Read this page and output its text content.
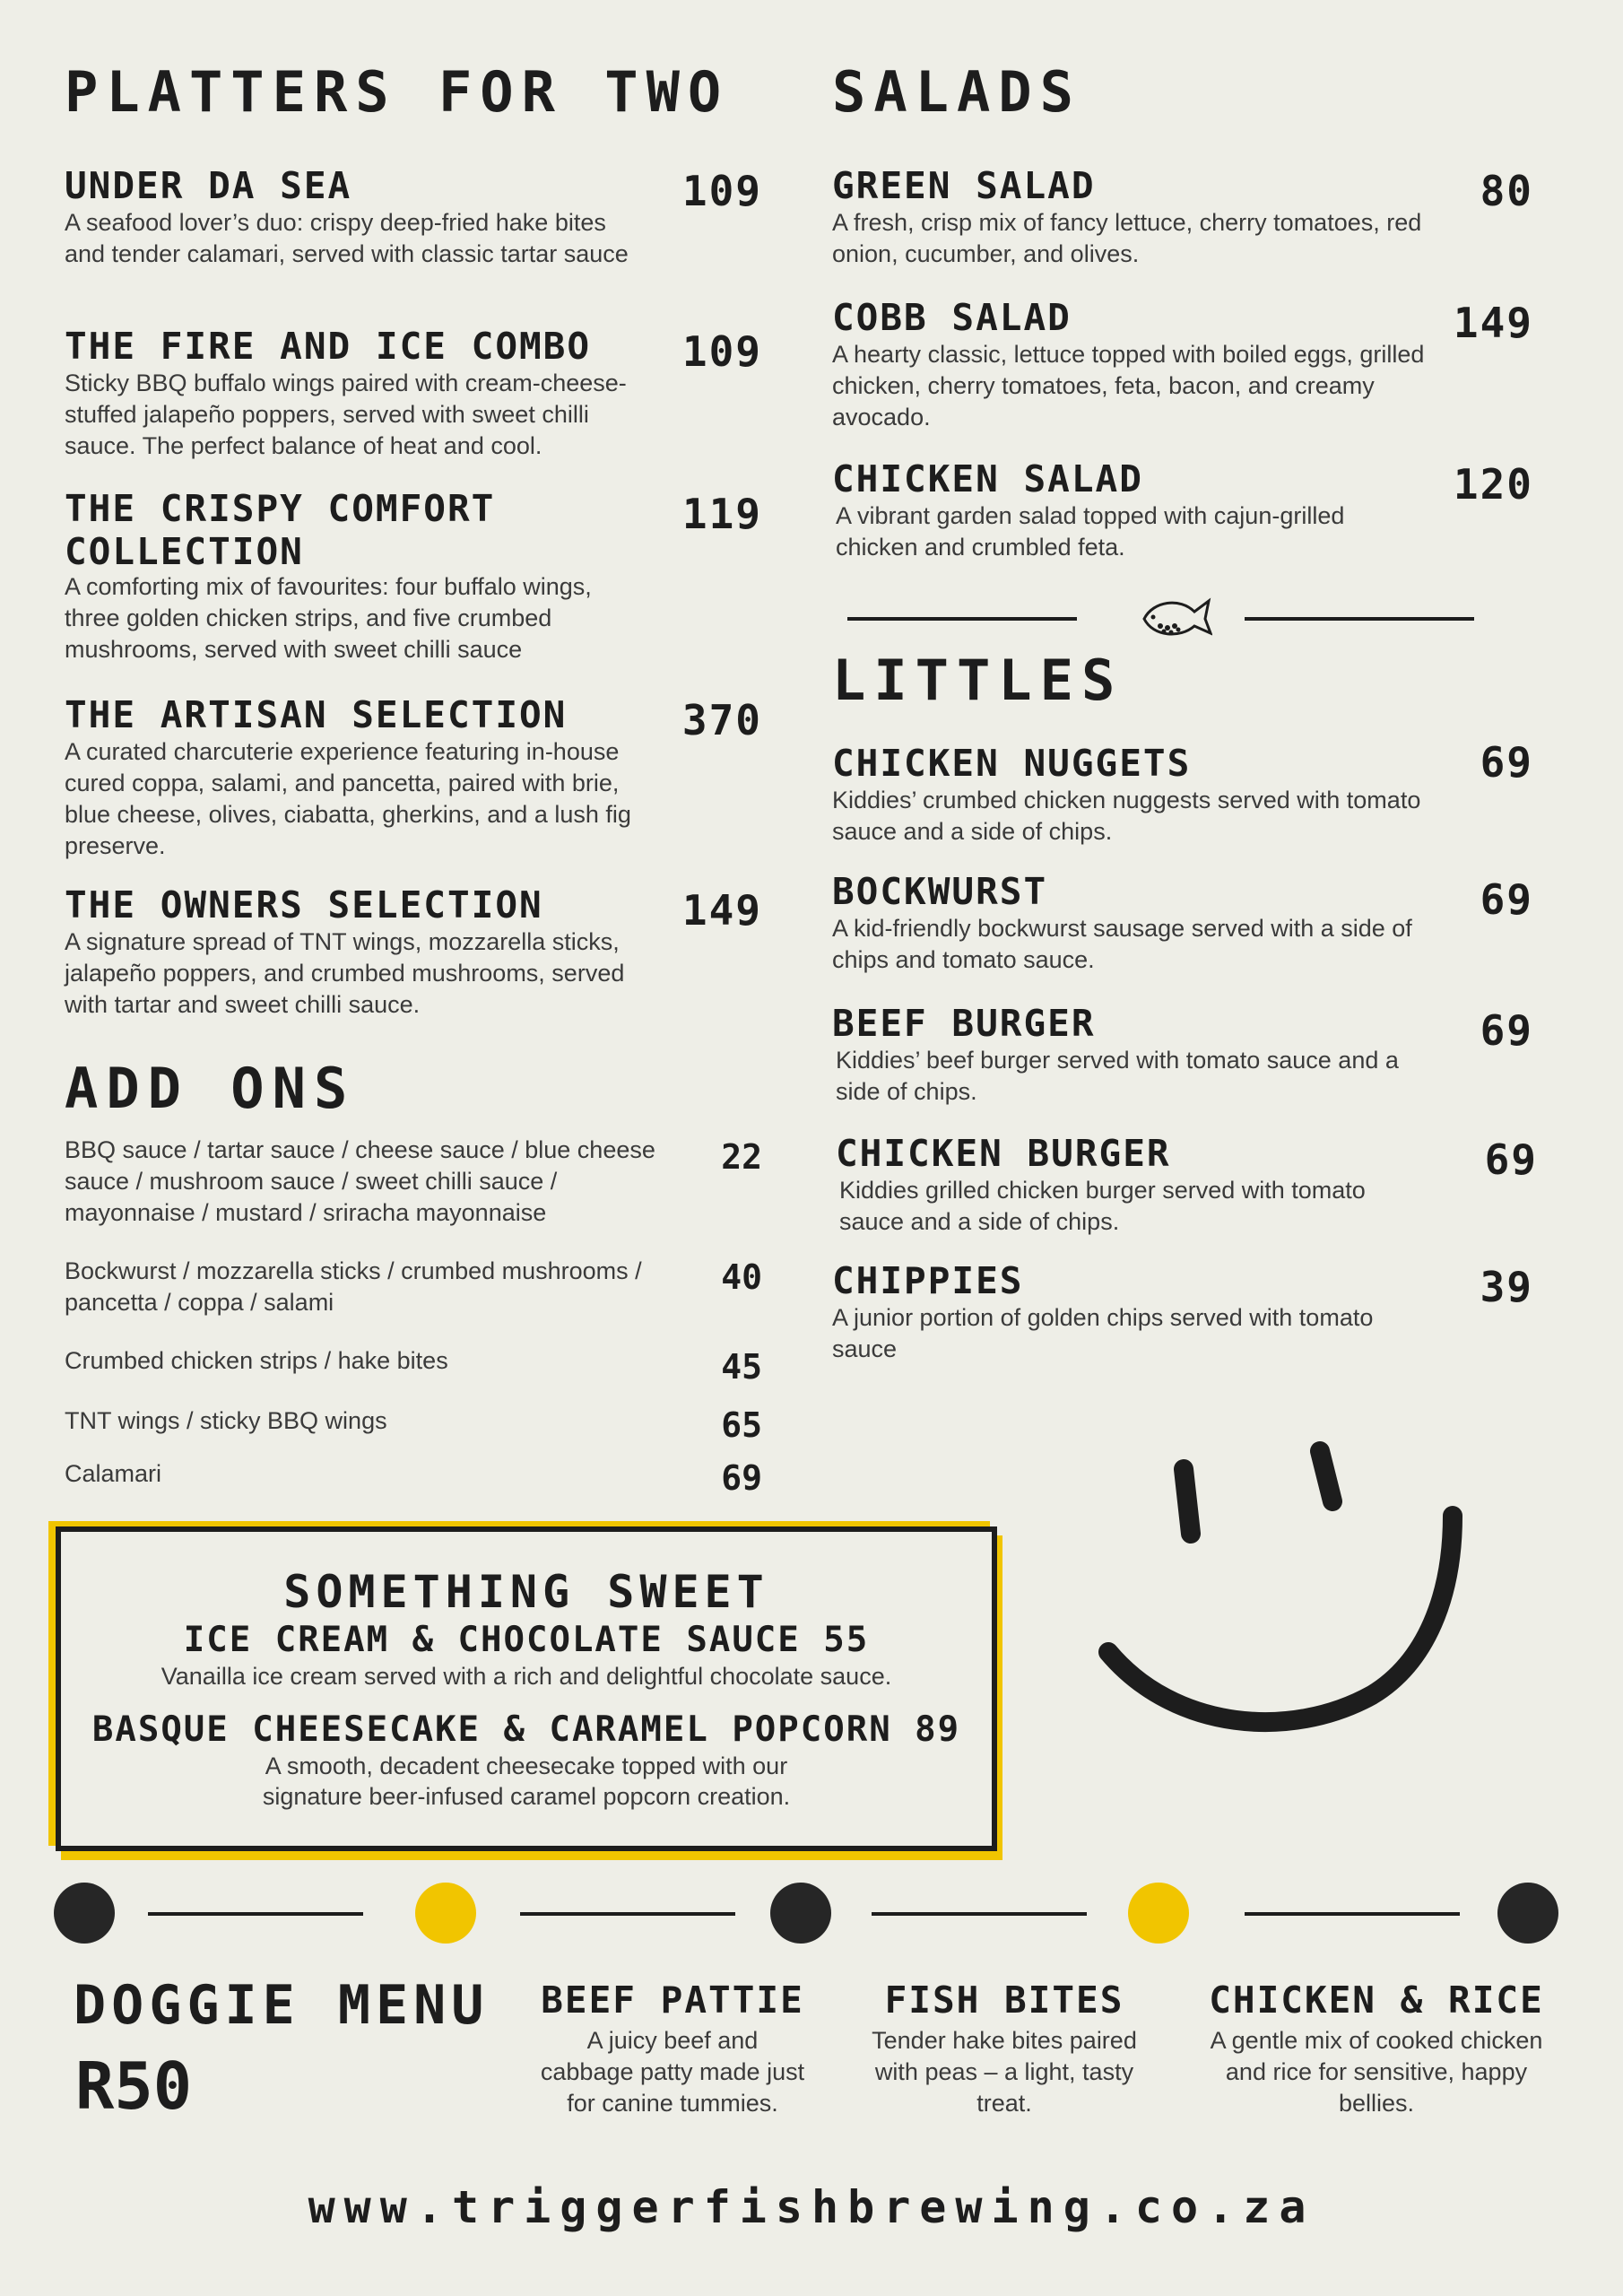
PLATTERS FOR TWO
UNDER DA SEA

A seafood lover’s duo: crispy deep-fried hake bites and tender calamari, served with classic tartar sauce

109
THE FIRE AND ICE COMBO

Sticky BBQ buffalo wings paired with cream-cheese-stuffed jalapeño poppers, served with sweet chilli sauce. The perfect balance of heat and cool.

109
THE CRISPY COMFORT COLLECTION

A comforting mix of favourites: four buffalo wings, three golden chicken strips, and five crumbed mushrooms, served with sweet chilli sauce

119
THE ARTISAN SELECTION

A curated charcuterie experience featuring in-house cured coppa, salami, and pancetta, paired with brie, blue cheese, olives, ciabatta, gherkins, and a lush fig preserve.

370
THE OWNERS SELECTION

A signature spread of TNT wings, mozzarella sticks, jalapeño poppers, and crumbed mushrooms, served with tartar and sweet chilli sauce.

149
ADD ONS
BBQ sauce / tartar sauce / cheese sauce / blue cheese sauce / mushroom sauce / sweet chilli sauce / mayonnaise / mustard / sriracha mayonnaise
22
Bockwurst / mozzarella sticks / crumbed mushrooms / pancetta / coppa / salami
40
Crumbed chicken strips / hake bites	45
TNT wings / sticky BBQ wings	65
Calamari	69
SALADS
GREEN SALAD

A fresh, crisp mix of fancy lettuce, cherry tomatoes, red onion, cucumber, and olives.

80
COBB SALAD

A hearty classic, lettuce topped with boiled eggs, grilled chicken, cherry tomatoes, feta, bacon, and creamy avocado.

149
CHICKEN SALAD

A vibrant garden salad topped with cajun-grilled chicken and crumbled feta.

120
LITTLES
CHICKEN NUGGETS

Kiddies’ crumbed chicken nuggests served with tomato sauce and a side of chips.

69
BOCKWURST

A kid-friendly bockwurst sausage served with a side of chips and tomato sauce.

69
BEEF BURGER

Kiddies’ beef burger served with tomato sauce and a side of chips.

69
CHICKEN BURGER

Kiddies grilled chicken burger served with tomato sauce and a side of chips.

69
CHIPPIES

A junior portion of golden chips served with tomato sauce

39
SOMETHING SWEET
ICE CREAM & CHOCOLATE SAUCE 55
Vanailla ice cream served with a rich and delightful chocolate sauce.
BASQUE CHEESECAKE & CARAMEL POPCORN 89
A smooth, decadent cheesecake topped with our signature beer-infused caramel popcorn creation.
DOGGIE MENU
R50
BEEF PATTIE
A juicy beef and cabbage patty made just for canine tummies.
FISH BITES
Tender hake bites paired with peas – a light, tasty treat.
CHICKEN & RICE
A gentle mix of cooked chicken and rice for sensitive, happy bellies.
www.triggerfishbrewing.co.za
